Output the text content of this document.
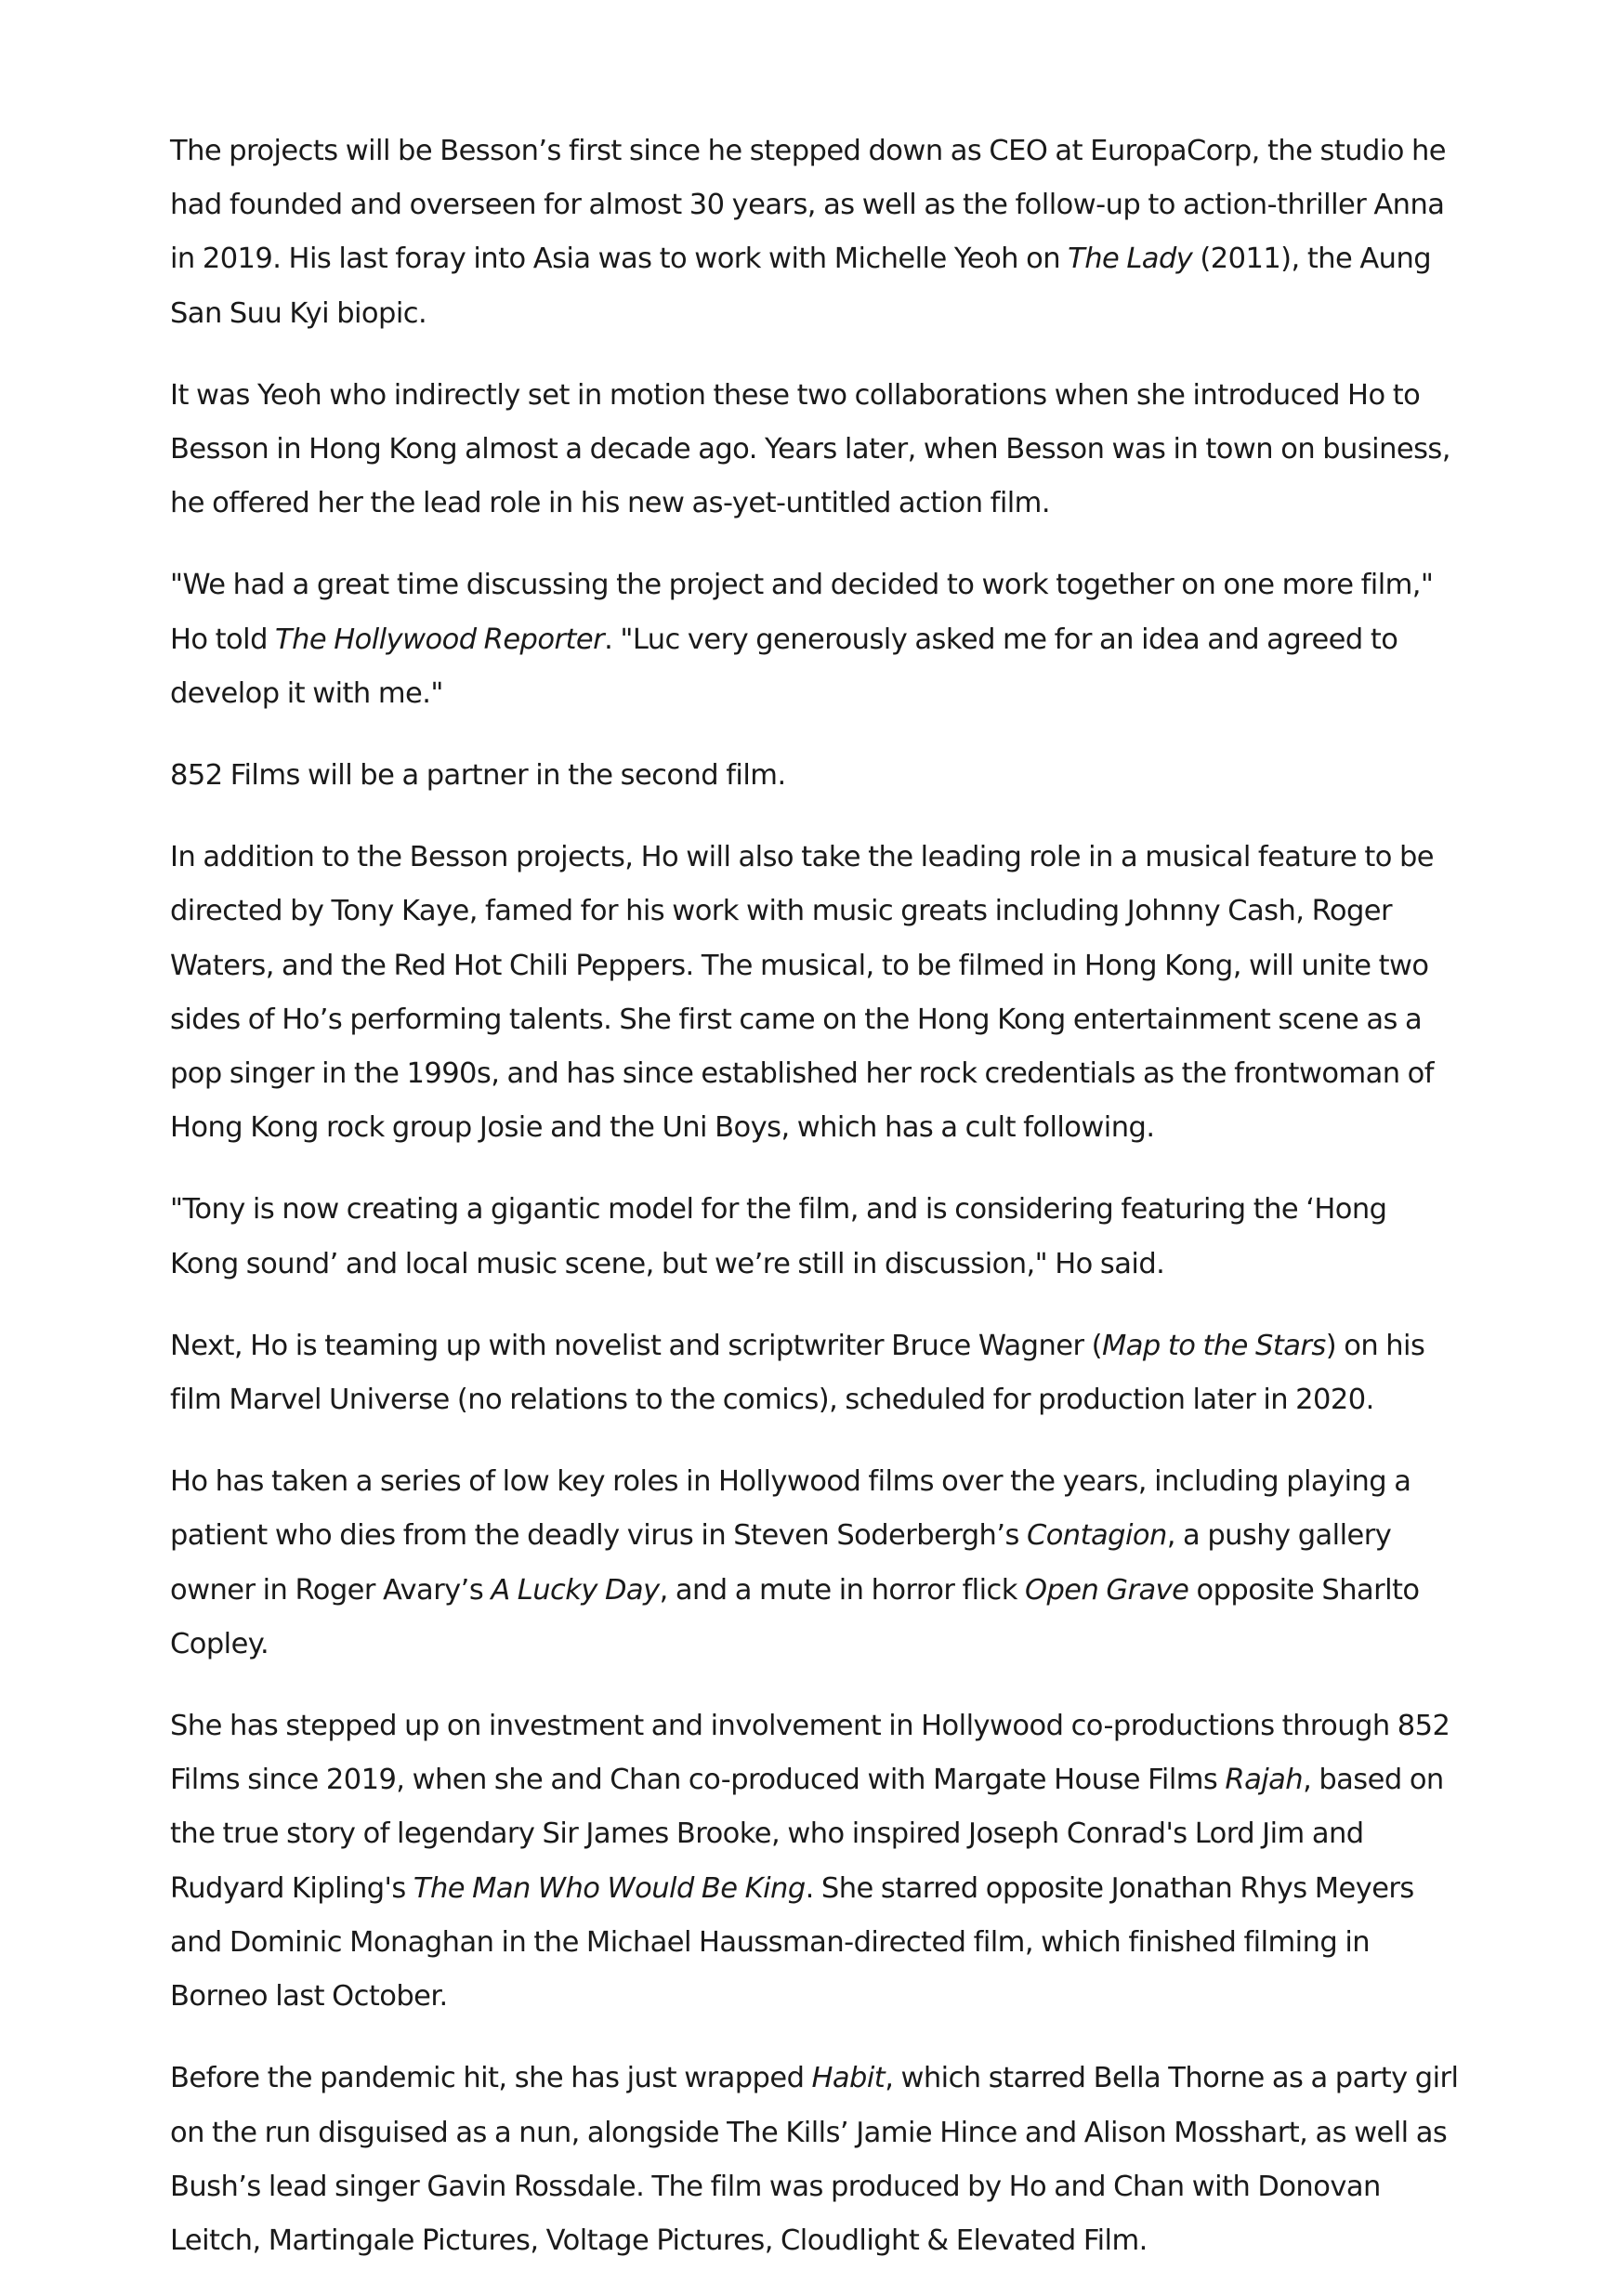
The projects will be Besson’s first since he stepped down as CEO at EuropaCorp, the studio he had founded and overseen for almost 30 years, as well as the follow-up to action-thriller Anna in 2019. His last foray into Asia was to work with Michelle Yeoh on The Lady (2011), the Aung San Suu Kyi biopic.

It was Yeoh who indirectly set in motion these two collaborations when she introduced Ho to Besson in Hong Kong almost a decade ago. Years later, when Besson was in town on business, he offered her the lead role in his new as-yet-untitled action film.

"We had a great time discussing the project and decided to work together on one more film," Ho told The Hollywood Reporter. "Luc very generously asked me for an idea and agreed to develop it with me."

852 Films will be a partner in the second film.

In addition to the Besson projects, Ho will also take the leading role in a musical feature to be directed by Tony Kaye, famed for his work with music greats including Johnny Cash, Roger Waters, and the Red Hot Chili Peppers. The musical, to be filmed in Hong Kong, will unite two sides of Ho’s performing talents. She first came on the Hong Kong entertainment scene as a pop singer in the 1990s, and has since established her rock credentials as the frontwoman of Hong Kong rock group Josie and the Uni Boys, which has a cult following.

"Tony is now creating a gigantic model for the film, and is considering featuring the ‘Hong Kong sound’ and local music scene, but we’re still in discussion," Ho said.

Next, Ho is teaming up with novelist and scriptwriter Bruce Wagner (Map to the Stars) on his film Marvel Universe (no relations to the comics), scheduled for production later in 2020.

Ho has taken a series of low key roles in Hollywood films over the years, including playing a patient who dies from the deadly virus in Steven Soderbergh’s Contagion, a pushy gallery owner in Roger Avary’s A Lucky Day, and a mute in horror flick Open Grave opposite Sharlto Copley.

She has stepped up on investment and involvement in Hollywood co-productions through 852 Films since 2019, when she and Chan co-produced with Margate House Films Rajah, based on the true story of legendary Sir James Brooke, who inspired Joseph Conrad's Lord Jim and Rudyard Kipling's The Man Who Would Be King. She starred opposite Jonathan Rhys Meyers and Dominic Monaghan in the Michael Haussman-directed film, which finished filming in Borneo last October.

Before the pandemic hit, she has just wrapped Habit, which starred Bella Thorne as a party girl on the run disguised as a nun, alongside The Kills’ Jamie Hince and Alison Mosshart, as well as Bush’s lead singer Gavin Rossdale. The film was produced by Ho and Chan with Donovan Leitch, Martingale Pictures, Voltage Pictures, Cloudlight & Elevated Film.
